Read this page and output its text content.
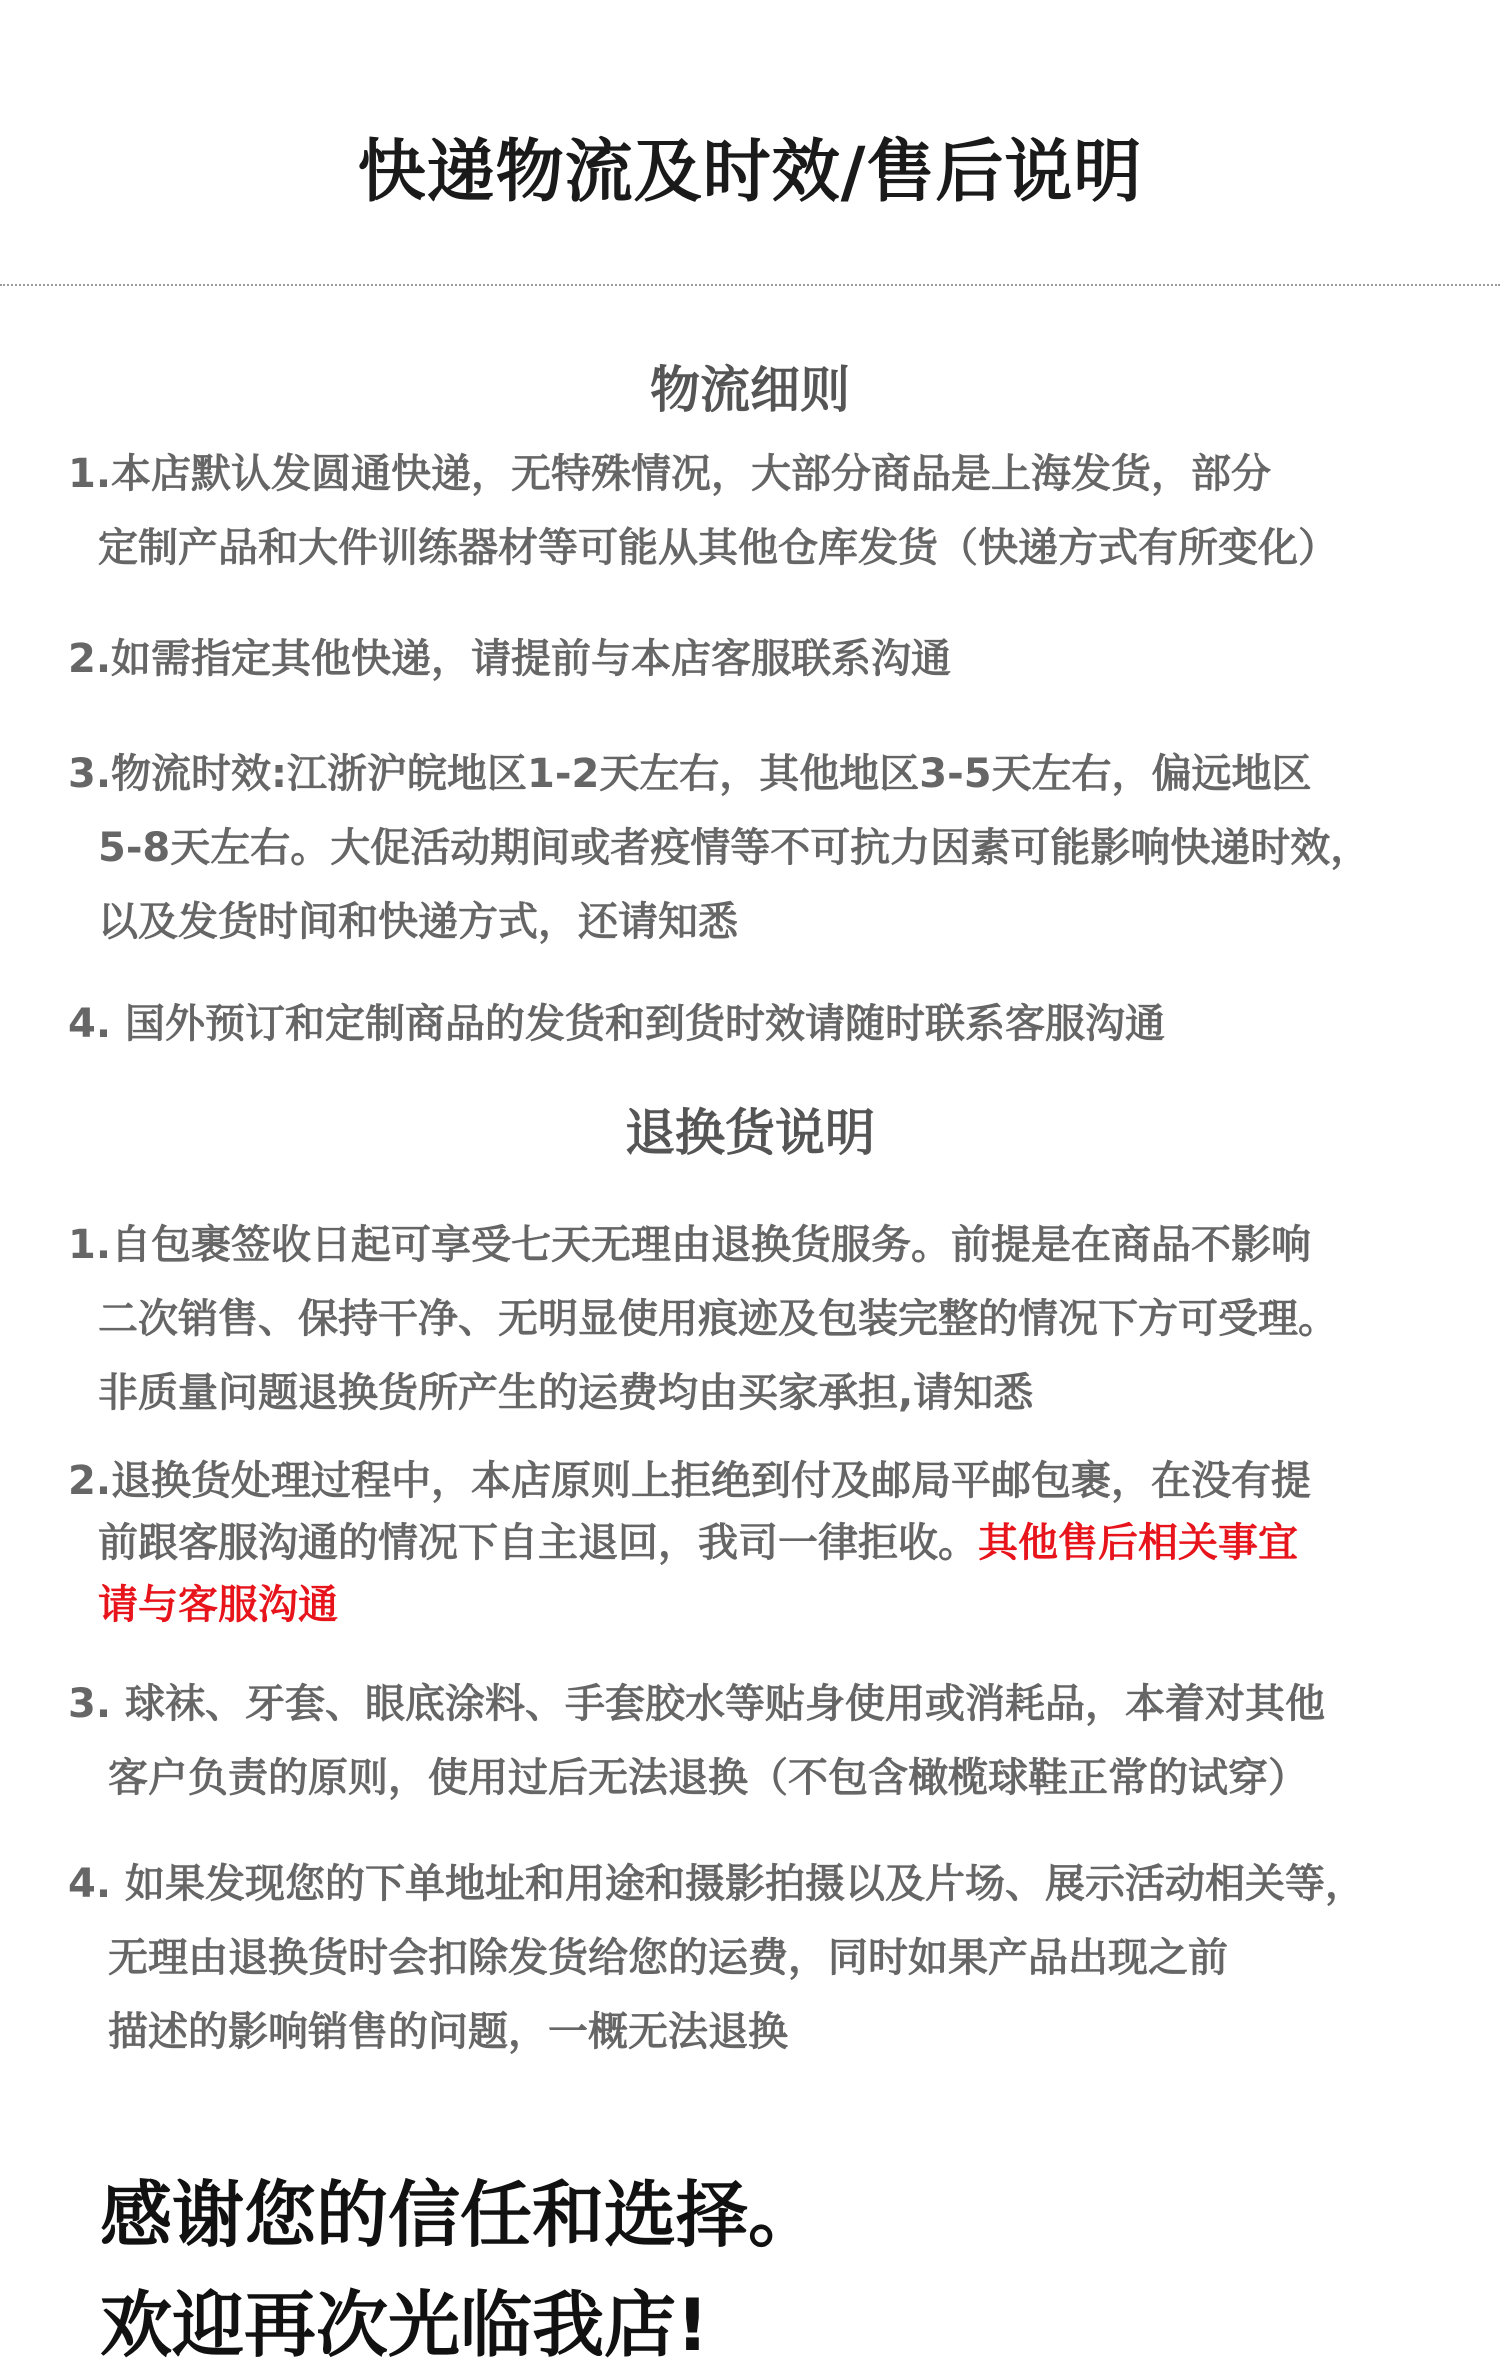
快递物流及时效/售后说明
物流细则
1.本店默认发圆通快递，无特殊情况，大部分商品是上海发货，部分
定制产品和大件训练器材等可能从其他仓库发货（快递方式有所变化）
2.如需指定其他快递，请提前与本店客服联系沟通
3.物流时效:江浙沪皖地区1-2天左右，其他地区3-5天左右，偏远地区
5-8天左右。大促活动期间或者疫情等不可抗力因素可能影响快递时效，
以及发货时间和快递方式，还请知悉
4. 国外预订和定制商品的发货和到货时效请随时联系客服沟通
退换货说明
1.自包裹签收日起可享受七天无理由退换货服务。前提是在商品不影响
二次销售、保持干净、无明显使用痕迹及包装完整的情况下方可受理。
非质量问题退换货所产生的运费均由买家承担,请知悉
2.退换货处理过程中，本店原则上拒绝到付及邮局平邮包裹，在没有提
前跟客服沟通的情况下自主退回，我司一律拒收。其他售后相关事宜
请与客服沟通
3. 球袜、牙套、眼底涂料、手套胶水等贴身使用或消耗品，本着对其他
客户负责的原则，使用过后无法退换（不包含橄榄球鞋正常的试穿）
4. 如果发现您的下单地址和用途和摄影拍摄以及片场、展示活动相关等，
无理由退换货时会扣除发货给您的运费，同时如果产品出现之前
描述的影响销售的问题，一概无法退换
感谢您的信任和选择。
欢迎再次光临我店!
